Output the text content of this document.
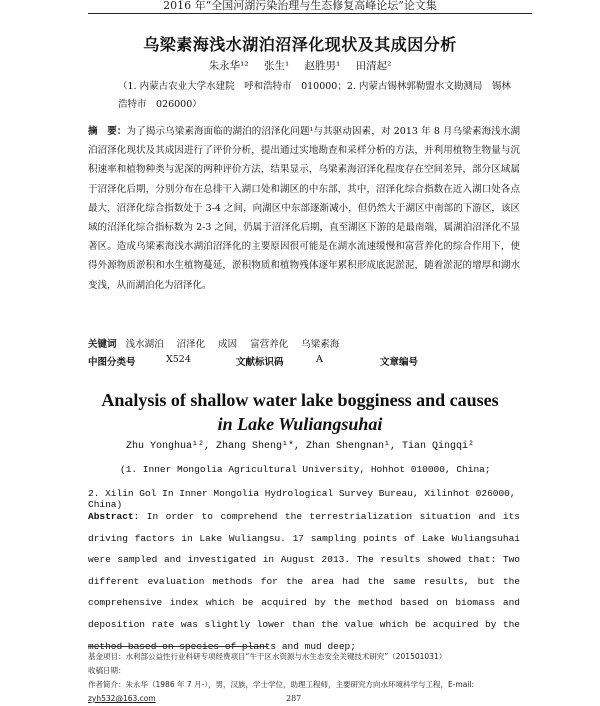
2016 年“全国河湖污染治理与生态修复高峰论坛”论文集
乌梁素海浅水湖泊沼泽化现状及其成因分析
朱永华¹² 张生¹ 赵胜男¹ 田清起²
（1. 内蒙古农业大学水建院　呼和浩特市　010000；2. 内蒙古锡林郭勒盟水文勘测局　锡林浩特市　026000）
摘　要：为了揭示乌梁素海面临的湖泊的沼泽化问题¹与其驱动因素，对 2013 年 8 月乌梁素海浅水湖泊沼泽化现状及其成因进行了评价分析，提出通过实地勘查和采样分析的方法，并利用植物生物量与沉积速率和植物种类与泥深的两种评价方法，结果显示，乌梁素海沼泽化程度存在空间差异，部分区域属于沼泽化后期，分别分布在总排干入湖口处和湖区的中东部，其中，沼泽化综合指数在近入湖口处各点最大，沼泽化综合指数处于 3-4 之间，向湖区中东部逐渐减小，但仍然大于湖区中南部的下游区，该区域的沼泽化综合指标数为 2-3 之间，仍属于沼泽化后期，直至湖区下游的是最南端，属湖泊沼泽化不显著区。造成乌梁素海浅水湖泊沼泽化的主要原因很可能是在湖水流速缓慢和富营养化的综合作用下，使得外源物质淤积和水生植物蔓延，淤积物质和植物残体逐年累积形成底泥淤泥，随着淤泥的增厚和湖水变浅，从而湖泊化为沼泽化。
关键词 浅水湖泊 沼泽化 成因 富营养化 乌梁素海
中图分类号	X524	文献标识码	A	文章编号
Analysis of shallow water lake bogginess and causes
in Lake Wuliangsuhai
Zhu Yonghua¹², Zhang Sheng¹*, Zhan Shengnan¹, Tian Qingqi²
(1. Inner Mongolia Agricultural University, Hohhot 010000, China;
2. Xilin Gol In Inner Mongolia Hydrological Survey Bureau, Xilinhot 026000, China)
Abstract: In order to comprehend the terrestrialization situation and its driving factors in Lake Wuliangsu. 17 sampling points of Lake Wuliangsuhai were sampled and investigated in August 2013. The results showed that: Two different evaluation methods for the area had the same results, but the comprehensive index which be acquired by the method based on biomass and deposition rate was slightly lower than the value which be acquired by the method based on species of plants and mud deep;
基金项目：水利部公益性行业科研专项经费项目“牛干区水资源与水生态安全关键技术研究”（201501031）
收稿日期：
作者简介：朱永华（1986 年 7 月-），男，汉族，学士学位，助理工程师，主要研究方向水环境科学与工程，E-mail: zyh532@163.com	287
